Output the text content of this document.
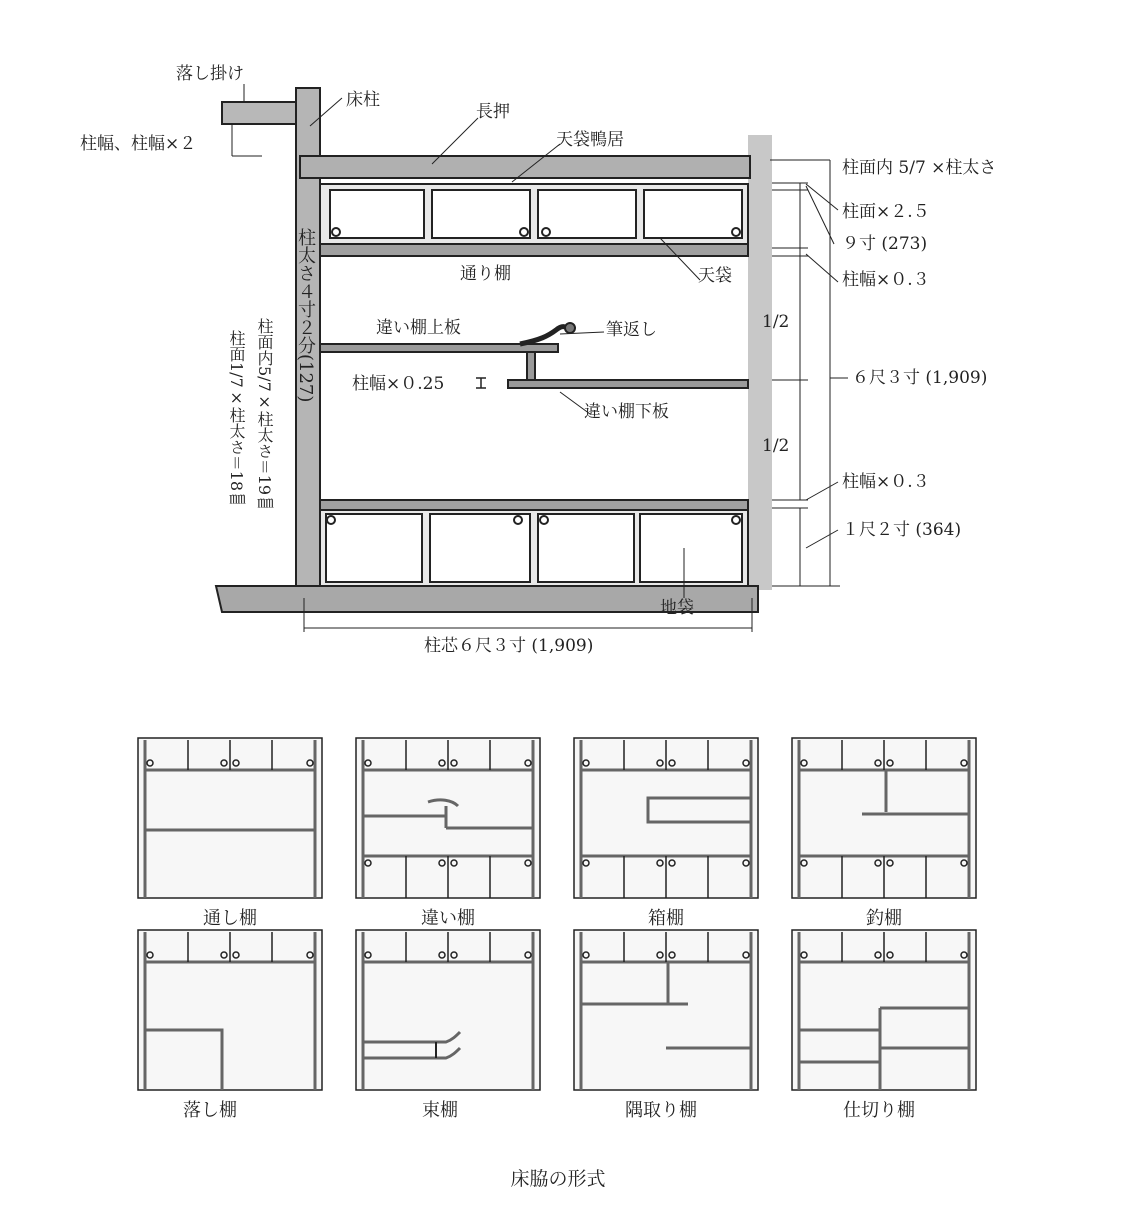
落し掛け
柱幅、柱幅×２
床柱
長押
天袋鴨居
通り棚	天袋
違い棚上板	筆返し
柱幅×０.25
違い棚下板
地袋
柱面内 5/7 ×柱太さ
柱面×２.５
９寸 (273)
柱幅×０.３
1/2
６尺３寸 (1,909)
1/2
柱幅×０.３
１尺２寸 (364)
柱芯６尺３寸 (1,909)
柱太さ４寸２分(127)
柱面1/7×柱太さ＝18㎜ 柱面内5/7×柱太さ＝19㎜
通し棚	違い棚	箱棚	釣棚
落し棚	束棚	隅取り棚	仕切り棚
床脇の形式
